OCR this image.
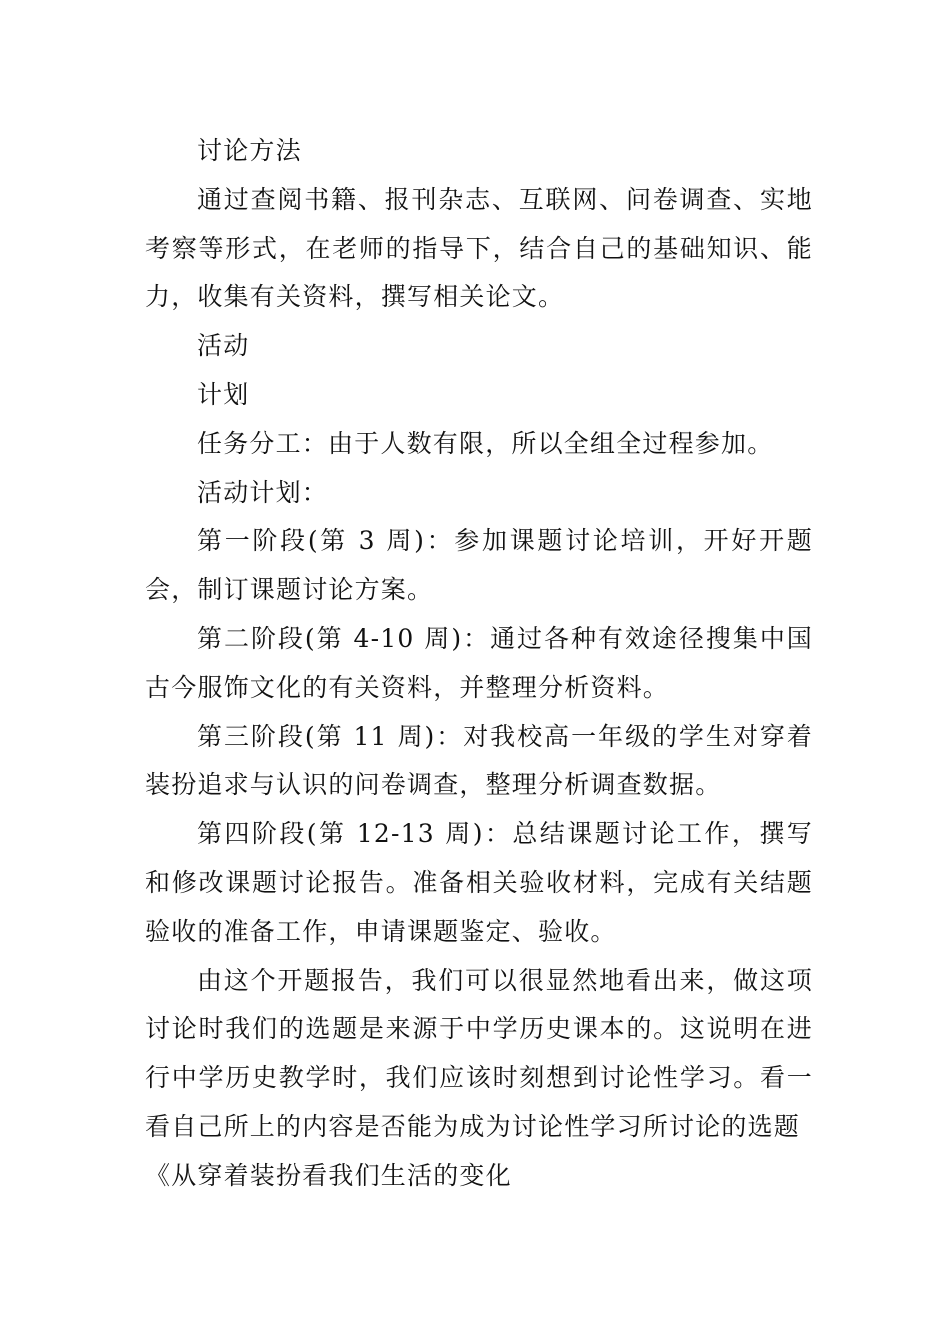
讨论方法

通过查阅书籍、报刊杂志、互联网、问卷调查、实地考察等形式，在老师的指导下，结合自己的基础知识、能力，收集有关资料，撰写相关论文。

活动

计划

任务分工：由于人数有限，所以全组全过程参加。

活动计划：

第一阶段(第 3 周)：参加课题讨论培训，开好开题会，制订课题讨论方案。

第二阶段(第 4-10 周)：通过各种有效途径搜集中国古今服饰文化的有关资料，并整理分析资料。

第三阶段(第 11 周)：对我校高一年级的学生对穿着装扮追求与认识的问卷调查，整理分析调查数据。

第四阶段(第 12-13 周)：总结课题讨论工作，撰写和修改课题讨论报告。准备相关验收材料，完成有关结题验收的准备工作，申请课题鉴定、验收。

由这个开题报告，我们可以很显然地看出来，做这项讨论时我们的选题是来源于中学历史课本的。这说明在进行中学历史教学时，我们应该时刻想到讨论性学习。看一看自己所上的内容是否能为成为讨论性学习所讨论的选题

《从穿着装扮看我们生活的变化
